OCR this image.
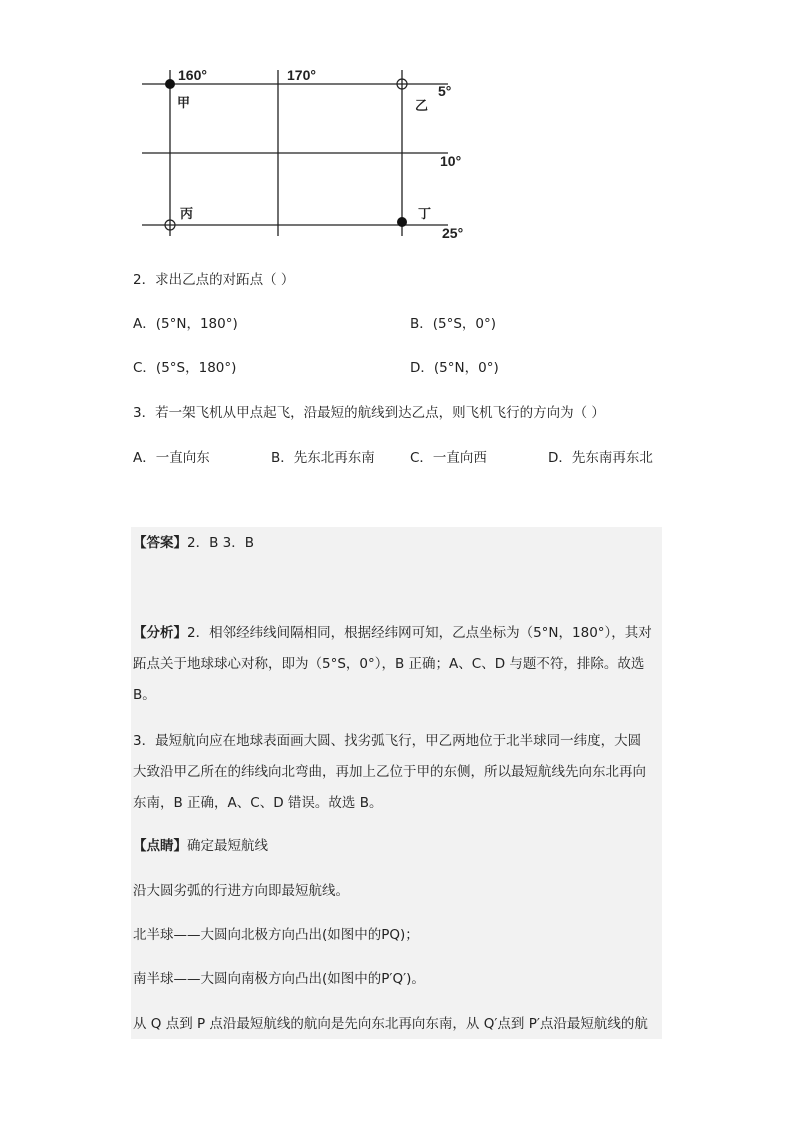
160°	170°
5°
10°
25°
甲	乙
丙	丁
2．求出乙点的对跖点（ ）
A．(5°N，180°)	B．(5°S，0°)
C．(5°S，180°)	D．(5°N，0°)
3．若一架飞机从甲点起飞，沿最短的航线到达乙点，则飞机飞行的方向为（ ）
A．一直向东	B．先东北再东南	C．一直向西	D．先东南再东北
【答案】2．B 3．B
【分析】2．相邻经纬线间隔相同，根据经纬网可知，乙点坐标为（5°N，180°），其对
跖点关于地球球心对称，即为（5°S，0°），B 正确；A、C、D 与题不符，排除。故选
B。
3．最短航向应在地球表面画大圆、找劣弧飞行，甲乙两地位于北半球同一纬度，大圆
大致沿甲乙所在的纬线向北弯曲，再加上乙位于甲的东侧，所以最短航线先向东北再向
东南，B 正确，A、C、D 错误。故选 B。
【点睛】确定最短航线
沿大圆劣弧的行进方向即最短航线。
北半球——大圆向北极方向凸出(如图中的PQ)；
南半球——大圆向南极方向凸出(如图中的P′Q′)。
从 Q 点到 P 点沿最短航线的航向是先向东北再向东南，从 Q′点到 P′点沿最短航线的航
